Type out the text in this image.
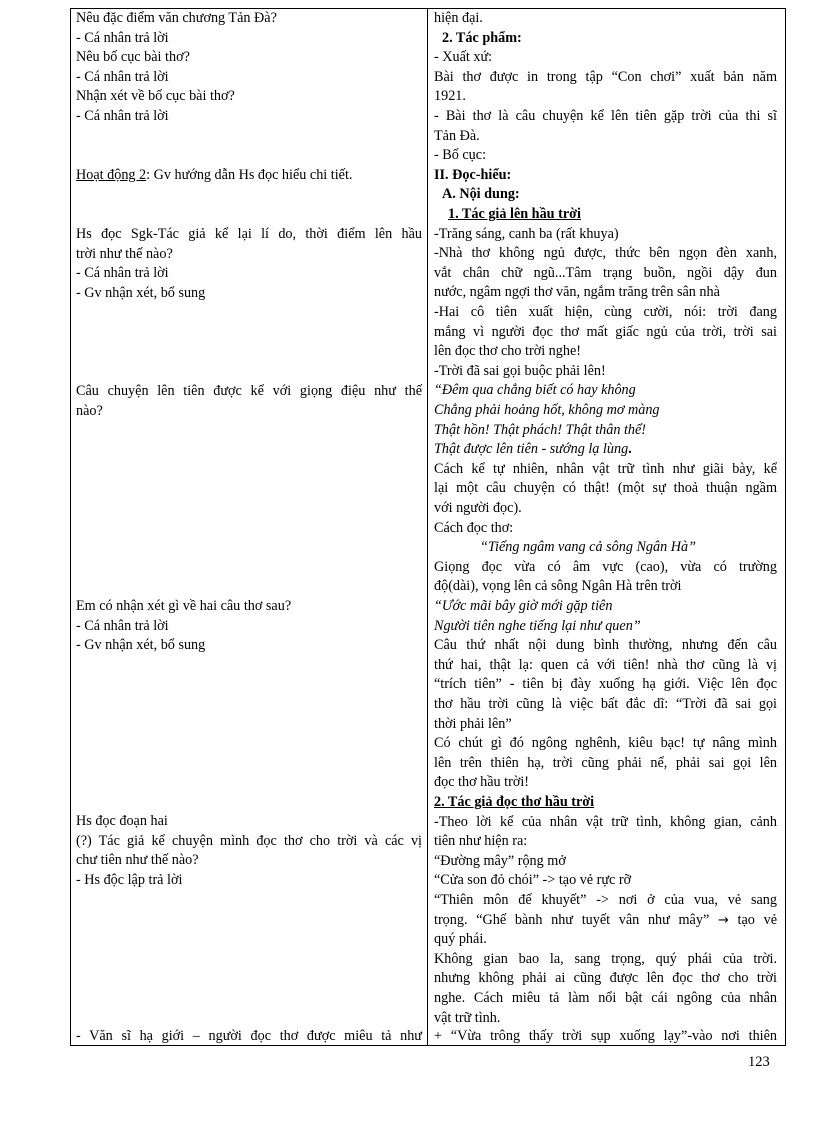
Nêu đặc điểm văn chương Tản Đà?
- Cá nhân trả lời
Nêu bố cục bài thơ?
- Cá nhân trả lời
Nhận xét về bố cục bài thơ?
- Cá nhân trả lời
Hoạt động 2: Gv hướng dẫn Hs đọc hiểu chi tiết.
Hs đọc Sgk-Tác giả kể lại lí do, thời điểm lên hầu
trời như thế nào?
- Cá nhân trả lời
- Gv nhận xét, bổ sung
Câu chuyện lên tiên được kể với giọng điệu như thế
nào?
Em có nhận xét gì về hai câu thơ sau?
- Cá nhân trả lời
- Gv nhận xét, bổ sung
Hs đọc đoạn hai
(?) Tác giả kể chuyện mình đọc thơ cho trời và các vị
chư tiên như thế nào?
- Hs độc lập trả lời
- Văn sĩ hạ giới – người đọc thơ được miêu tả như
hiện đại.
2. Tác phẩm:
- Xuất xứ:
Bài thơ được in trong tập “Con chơi” xuất bản năm
1921.
- Bài thơ là câu chuyện kể lên tiên gặp trời của thi sĩ
Tản Đà.
- Bố cục:
II. Đọc-hiểu:
A. Nội dung:
1. Tác giả lên hầu trời
-Trăng sáng, canh ba (rất khuya)
-Nhà thơ không ngủ được, thức bên ngọn đèn xanh,
vắt chân chữ ngũ...Tâm trạng buồn, ngồi dậy đun
nước, ngâm ngợi thơ văn, ngắm trăng trên sân nhà
-Hai cô tiên xuất hiện, cùng cười, nói: trời đang
mắng vì người đọc thơ mất giấc ngủ của trời, trời sai
lên đọc thơ cho trời nghe!
-Trời đã sai gọi buộc phải lên!
“Đêm qua chẳng biết có hay không
Chẳng phải hoảng hốt, không mơ màng
Thật hồn! Thật phách! Thật thân thể!
Thật được lên tiên - sướng lạ lùng.
Cách kể tự nhiên, nhân vật trữ tình như giãi bày, kể
lại một câu chuyện có thật! (một sự thoả thuận ngầm
với người đọc).
Cách đọc thơ:
“Tiếng ngâm vang cả sông Ngân Hà”
Giọng đọc vừa có âm vực (cao), vừa có trường
độ(dài), vọng lên cả sông Ngân Hà trên trời
“Ước mãi bây giờ mới gặp tiên
Người tiên nghe tiếng lại như quen”
Câu thứ nhất nội dung bình thường, nhưng đến câu
thứ hai, thật lạ: quen cả với tiên! nhà thơ cũng là vị
“trích tiên” - tiên bị đày xuống hạ giới. Việc lên đọc
thơ hầu trời cũng là việc bất đắc dĩ: “Trời đã sai gọi
thời phải lên”
Có chút gì đó ngông nghênh, kiêu bạc! tự nâng mình
lên trên thiên hạ, trời cũng phải nể, phải sai gọi lên
đọc thơ hầu trời!
2. Tác giả đọc thơ hầu trời
-Theo lời kể của nhân vật trữ tình, không gian, cảnh
tiên như hiện ra:
“Đường mây” rộng mở
“Cửa son đỏ chói” -> tạo vẻ rực rỡ
“Thiên môn đế khuyết” -> nơi ở của vua, vẻ sang
trọng. “Ghế bành như tuyết vân như mây” → tạo vẻ
quý phái.
Không gian bao la, sang trọng, quý phái của trời.
nhưng không phải ai cũng được lên đọc thơ cho trời
nghe. Cách miêu tả làm nổi bật cái ngông của nhân
vật trữ tình.
+ “Vừa trông thấy trời sụp xuống lạy”-vào nơi thiên
123
